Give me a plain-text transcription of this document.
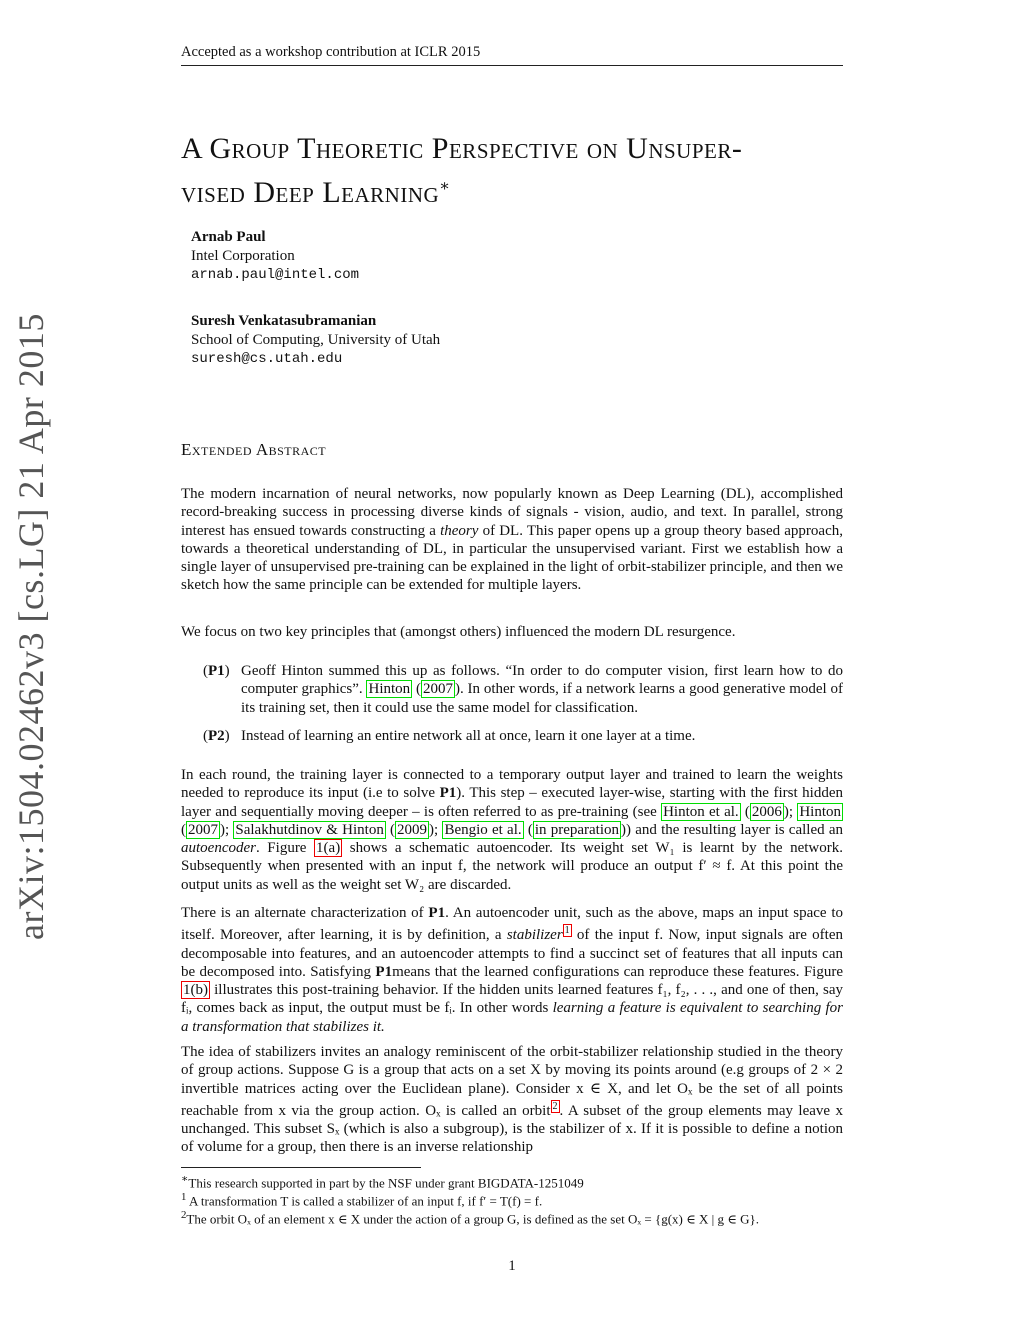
Accepted as a workshop contribution at ICLR 2015
arXiv:1504.02462v3 [cs.LG] 21 Apr 2015
A Group Theoretic Perspective on Unsuper-
vised Deep Learning∗
Arnab Paul
Intel Corporation
arnab.paul@intel.com
Suresh Venkatasubramanian
School of Computing, University of Utah
suresh@cs.utah.edu
Extended Abstract
The modern incarnation of neural networks, now popularly known as Deep Learning (DL), accomplished record-breaking success in processing diverse kinds of signals - vision, audio, and text. In parallel, strong interest has ensued towards constructing a theory of DL. This paper opens up a group theory based approach, towards a theoretical understanding of DL, in particular the unsupervised variant. First we establish how a single layer of unsupervised pre-training can be explained in the light of orbit-stabilizer principle, and then we sketch how the same principle can be extended for multiple layers.
We focus on two key principles that (amongst others) influenced the modern DL resurgence.
(P1) Geoff Hinton summed this up as follows. “In order to do computer vision, first learn how to do computer graphics”. Hinton ( 2007 ). In other words, if a network learns a good generative model of its training set, then it could use the same model for classification.
(P2) Instead of learning an entire network all at once, learn it one layer at a time.
In each round, the training layer is connected to a temporary output layer and trained to learn the weights needed to reproduce its input (i.e to solve P1). This step – executed layer-wise, starting with the first hidden layer and sequentially moving deeper – is often referred to as pre-training (see Hinton et al. ( 2006 ); Hinton ( 2007 ); Salakhutdinov & Hinton ( 2009 ); Bengio et al. ( in preparation )) and the resulting layer is called an autoencoder. Figure 1(a) shows a schematic autoencoder. Its weight set W₁ is learnt by the network. Subsequently when presented with an input f, the network will produce an output f′ ≈ f. At this point the output units as well as the weight set W₂ are discarded.
There is an alternate characterization of P1. An autoencoder unit, such as the above, maps an input space to itself. Moreover, after learning, it is by definition, a stabilizer $^1$ of the input f. Now, input signals are often decomposable into features, and an autoencoder attempts to find a succinct set of features that all inputs can be decomposed into. Satisfying P1means that the learned configurations can reproduce these features. Figure 1(b) illustrates this post-training behavior. If the hidden units learned features f₁, f₂, . . ., and one of then, say fᵢ, comes back as input, the output must be fᵢ. In other words learning a feature is equivalent to searching for a transformation that stabilizes it.
The idea of stabilizers invites an analogy reminiscent of the orbit-stabilizer relationship studied in the theory of group actions. Suppose G is a group that acts on a set X by moving its points around (e.g groups of 2 × 2 invertible matrices acting over the Euclidean plane). Consider x ∈ X, and let Oₓ be the set of all points reachable from x via the group action. Oₓ is called an orbit $^2$ . A subset of the group elements may leave x unchanged. This subset Sₓ (which is also a subgroup), is the stabilizer of x. If it is possible to define a notion of volume for a group, then there is an inverse relationship
∗This research supported in part by the NSF under grant BIGDATA-1251049
$^1$ A transformation T is called a stabilizer of an input f, if f′ = T(f) = f.
$^2$The orbit Oₓ of an element x ∈ X under the action of a group G, is defined as the set Oₓ = {g(x) ∈ X | g ∈ G}.
1
